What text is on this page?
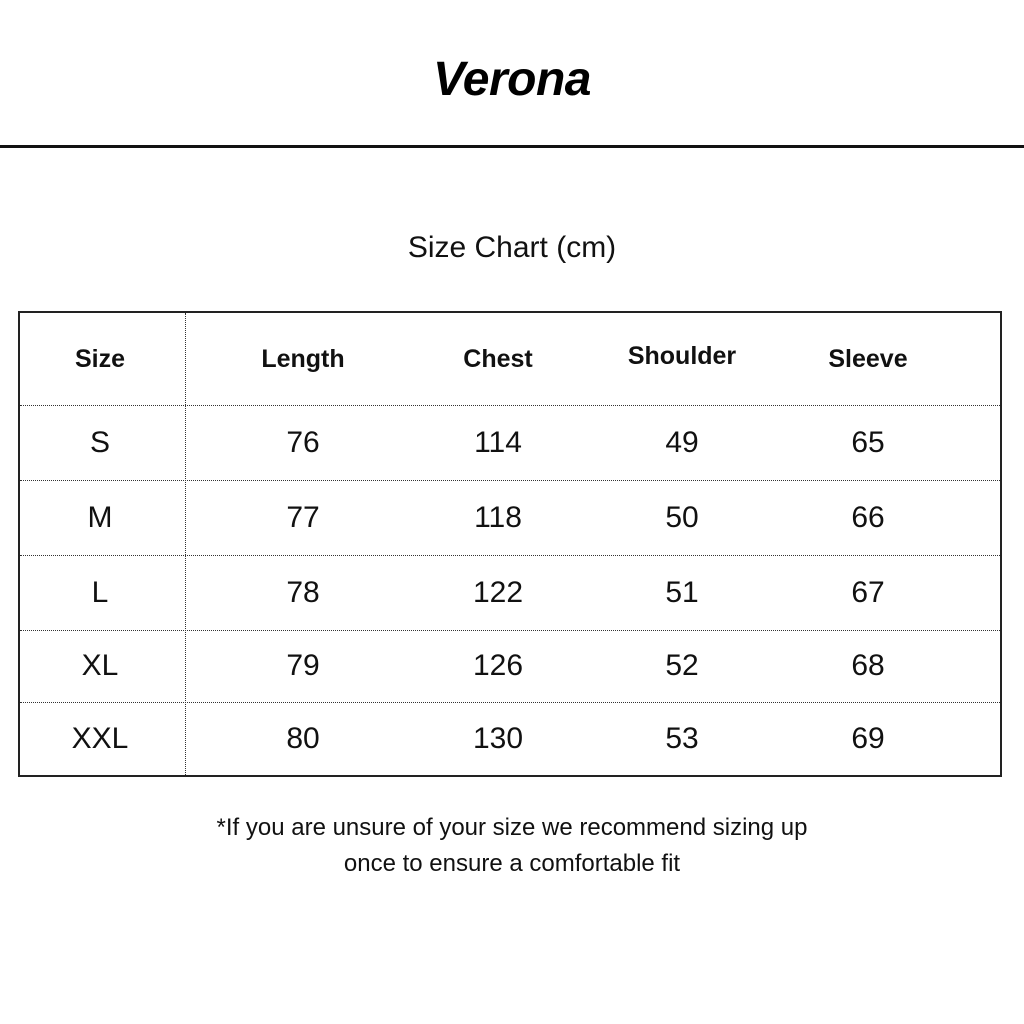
Verona
Size Chart (cm)
Size	Length	Chest	Shoulder	Sleeve
S	76	114	49	65
M	77	118	50	66
L	78	122	51	67
XL	79	126	52	68
XXL	80	130	53	69
*If you are unsure of your size we recommend sizing up
once to ensure a comfortable fit
